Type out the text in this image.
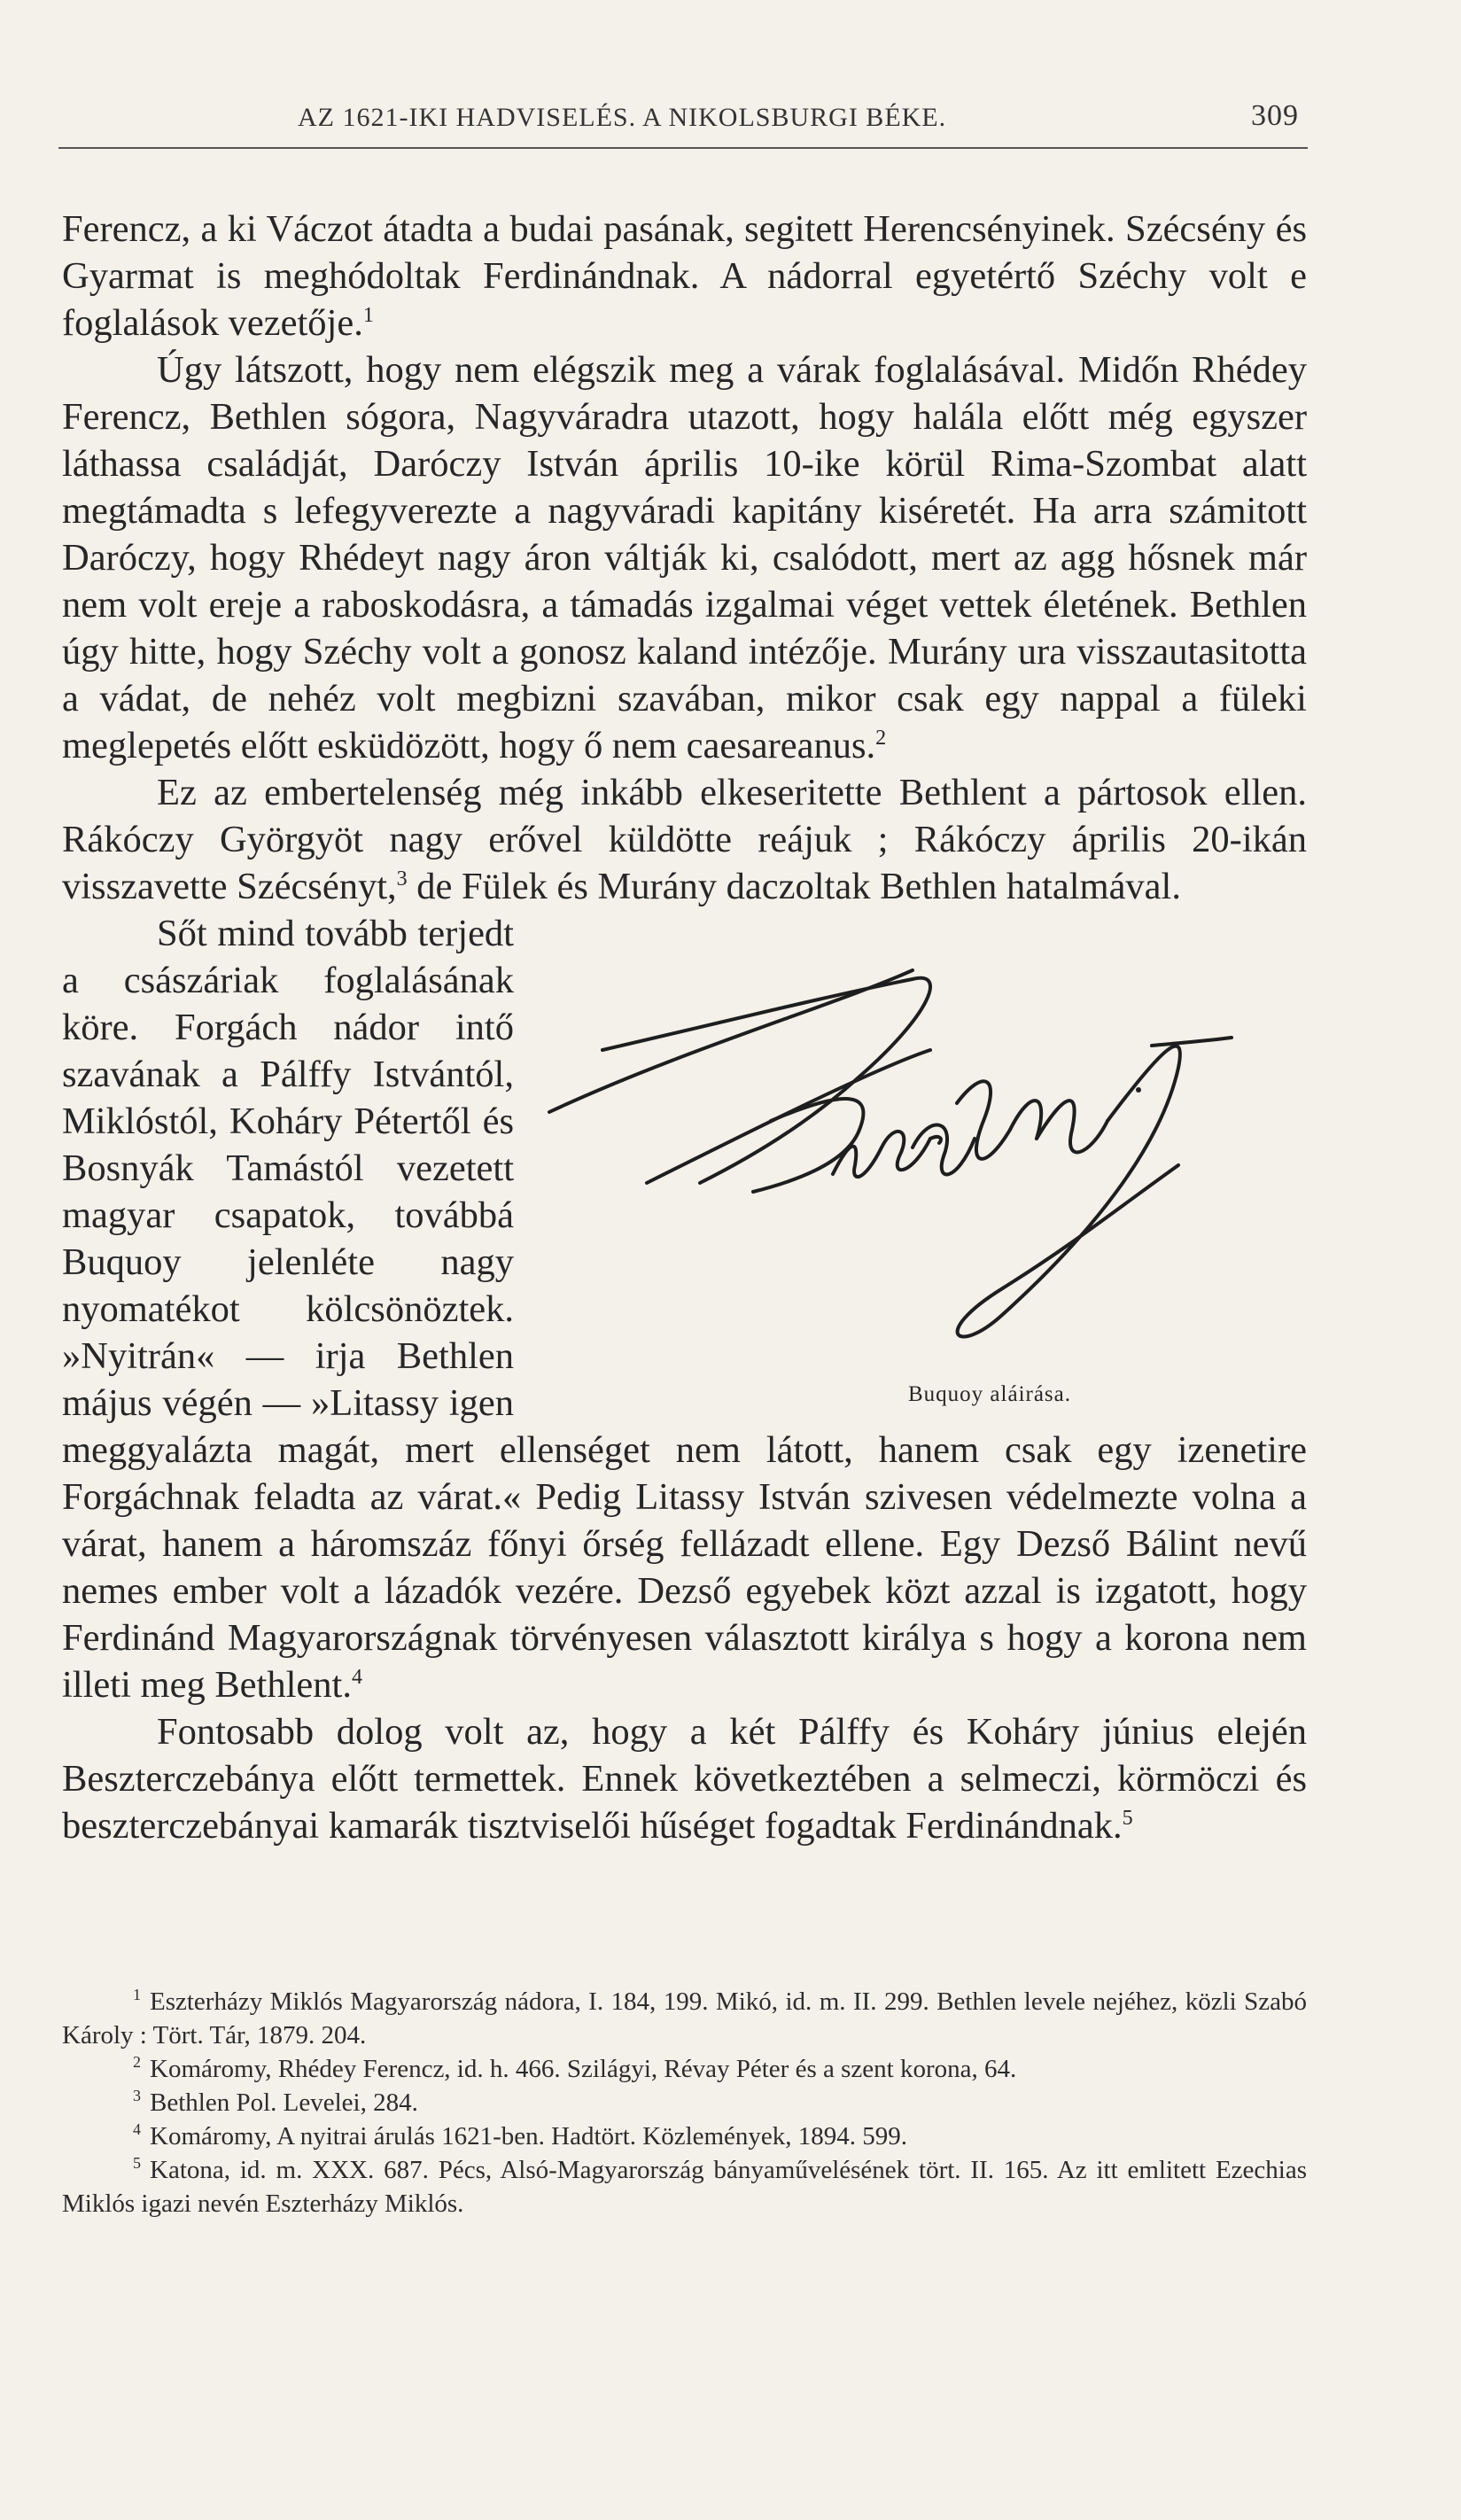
AZ 1621-IKI HADVISELÉS. A NIKOLSBURGI BÉKE.	309

Ferencz, a ki Váczot átadta a budai pasának, segitett Herencsényinek. Szécsény és Gyarmat is meghódoltak Ferdinándnak. A nádorral egyetértő Széchy volt e foglalások vezetője.$^1$

Úgy látszott, hogy nem elégszik meg a várak foglalásával. Midőn Rhédey Ferencz, Bethlen sógora, Nagyváradra utazott, hogy halála előtt még egyszer láthassa családját, Daróczy István április 10-ike körül Rima-Szombat alatt megtámadta s lefegyverezte a nagyváradi kapitány kiséretét. Ha arra számitott Daróczy, hogy Rhédeyt nagy áron váltják ki, csalódott, mert az agg hősnek már nem volt ereje a raboskodásra, a támadás izgalmai véget vettek életének. Bethlen úgy hitte, hogy Széchy volt a gonosz kaland intézője. Murány ura visszautasitotta a vádat, de nehéz volt megbizni szavában, mikor csak egy nappal a füleki meglepetés előtt esküdözött, hogy ő nem caesareanus.$^2$

Ez az embertelenség még inkább elkeseritette Bethlent a pártosok ellen. Rákóczy Györgyöt nagy erővel küldötte reájuk ; Rákóczy április 20-ikán visszavette Szécsényt,$^3$ de Fülek és Murány daczoltak Bethlen hatalmával.

Buquoy aláirása.
Sőt mind tovább terjedt a császáriak foglalásának köre. Forgách nádor intő szavának a Pálffy Istvántól, Miklóstól, Koháry Pétertől és Bosnyák Tamástól vezetett magyar csapatok, továbbá Buquoy jelenléte nagy nyomatékot kölcsönöztek. »Nyitrán« — irja Bethlen május végén — »Litassy igen meggyalázta magát, mert ellenséget nem látott, hanem csak egy izenetire Forgáchnak feladta az várat.« Pedig Litassy István szivesen védelmezte volna a várat, hanem a háromszáz főnyi őrség fellázadt ellene. Egy Dezső Bálint nevű nemes ember volt a lázadók vezére. Dezső egyebek közt azzal is izgatott, hogy Ferdinánd Magyarországnak törvényesen választott királya s hogy a korona nem illeti meg Bethlent.$^4$

Fontosabb dolog volt az, hogy a két Pálffy és Koháry június elején Beszterczebánya előtt termettek. Ennek következtében a selmeczi, körmöczi és beszterczebányai kamarák tisztviselői hűséget fogadtak Ferdinándnak.$^5$

$^1$ Eszterházy Miklós Magyarország nádora, I. 184, 199. Mikó, id. m. II. 299. Bethlen levele nejéhez, közli Szabó Károly : Tört. Tár, 1879. 204.

$^2$ Komáromy, Rhédey Ferencz, id. h. 466. Szilágyi, Révay Péter és a szent korona, 64.

$^3$ Bethlen Pol. Levelei, 284.

$^4$ Komáromy, A nyitrai árulás 1621-ben. Hadtört. Közlemények, 1894. 599.

$^5$ Katona, id. m. XXX. 687. Pécs, Alsó-Magyarország bányaművelésének tört. II. 165. Az itt emlitett Ezechias Miklós igazi nevén Eszterházy Miklós.
